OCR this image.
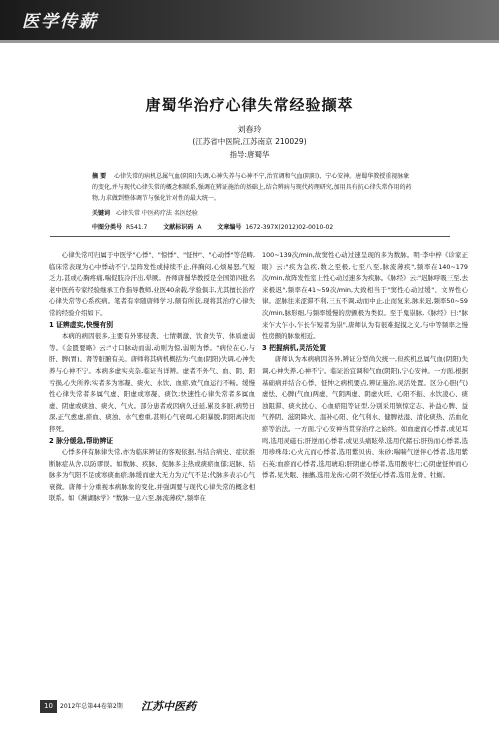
医学传薪
唐蜀华治疗心律失常经验撷萃
刘春玲
(江苏省中医院,江苏南京 210029)
指导:唐蜀华
摘 要 心律失常的病机总属气血(阴阳)失调,心神失养与心神不宁,治宜调和气血(阴阳)、宁心安神。唐蜀华教授重视脉象的变化,并与现代心律失常的概念相联系,强调在辨证施治的基础上,结合辨病与现代药理研究,加用具有抗心律失常作用的药物,力求做到整体调节与强化针对性的最大统一。
关键词 心律失常 中医药疗法 名医经验
中图分类号 R541.7	文献标识码 A	文章编号 1672-397X(2012)02-0010-02

心律失常可归属于中医学"心悸"、"惊悸"、"怔忡"、"心动悸"等范畴,临床常表现为心中悸动不宁,呈阵发性或持续不止,伴胸闷,心烦易怒,气短乏力,甚或心胸疼痛,喘促肢冷汗出,晕厥。吾师唐蜀华教授是全国第四批名老中医药专家经验继承工作指导教师,业医40余载,学验俱丰,尤其擅长治疗心律失常等心系疾病。笔者有幸随唐师学习,颇有所获,现将其治疗心律失常的经验介绍如下。

1 证辨虚实,快慢有别

本病的病因很多,主要有外邪侵袭、七情刺激、饮食失节、体质虚弱等。《金匮要略》云:"寸口脉动而弱,动则为惊,弱则为悸。"病位在心,与肝、脾(胃)、肾等脏腑有关。唐师将其病机概括为:气血(阴阳)失调,心神失养与心神不宁。本病多虚实夹杂,临证当详辨。虚者不外气、血、阴、阳亏损,心失所养;实者多为寒凝、痰火、水饮、血瘀,致气血运行不畅。缓慢性心律失常者多属气虚、阳虚或寒凝、痰饮;快速性心律失常者多属血虚、阴虚或痰浊、痰火、气火。部分患者或因病久迁延,累及多脏,病势日深,正气愈虚,瘀血、痰浊、水气愈重,甚则心气衰竭,心阳暴脱,阴阳离决而猝死。

2 脉分缓急,帮助辨证

心悸多伴有脉律失常,亦为临床辨证的客观依据,当结合病史、症状推断脉症从舍,以防谬误。如数脉、疾脉、促脉多主热或痰瘀血郁;迟脉、结脉多为气阳不足或寒痰血瘀;脉缓而虚大无力为元气不足;代脉多表示心气衰微。唐师十分重视本病脉象的变化,并强调要与现代心律失常的概念相联系。如《濒湖脉学》"数脉一息六至,脉流薄疾",频率在

100~139次/min,故窦性心动过速呈现的多为数脉。明·李中梓《诊家正眼》云:"疾为急疾,数之至极,七至八至,脉流薄疾",频率在140~179次/min,故阵发性室上性心动过速多为疾脉。《脉经》云:"迟脉呼吸三至,去来极迟",频率在41~59次/min,大致相当于"窦性心动过缓"、文界性心律。涩脉往来涩滞不利,三五不调,动而中止,止而复来,脉来迟,频率50~59次/min,脉形细,与频率缓慢的房颤极为类似。至于鬼祟脉,《脉经》曰:"脉来乍大乍小,乍长乍短者为祟",唐师认为有很难捉摸之义,与中等频率之慢性房颤的脉象相近。

3 把握病机,灵活处置

唐师认为本病病因各异,辨证分型尚欠统一,但疾机总属气血(阴阳)失调,心神失养,心神不宁。临证治宜调和气血(阴阳),宁心安神。一方面,根据基础病并结合心悸、怔忡之病机要点,辨证施治,灵活处置。区分心胆(气)虚怯、心脾(气血)两虚、气阴两虚、阴虚火旺、心阳不振、水饮凌心、痰浊阻滞、痰火扰心、心血瘀阻等证型,分别采用镇惊定志、补益心脾、益气养阴、滋阴降火、温补心阳、化气利水、健脾祛湿、清化痰热、活血化瘀等治法。一方面,宁心安神当贯穿治疗之始终。如血虚而心悸者,或见耳鸣,选用灵磁石;肝逆而心悸者,或见头痛眩晕,选用代赭石;肝热而心悸者,选用珍珠母;心火亢而心悸者,选用紫贝齿、朱砂;喘喘气逆伴心悸者,选用紫石英;血瘀而心悸者,选用琥珀;肝阴虚心悸者,选用酸枣仁;心阴虚怔忡而心悸者,见失眠、抽搐,选用龙齿;心阴不敛怔心悸者,选用龙骨、牡蛎。

10	2012年总第44卷第2期 江苏中医药
